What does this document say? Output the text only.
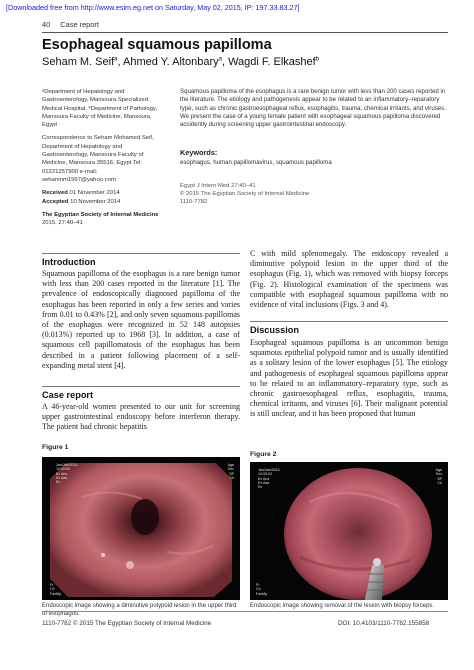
[Downloaded free from http://www.esim.eg.net on Saturday, May 02, 2015, IP: 197.33.83.27]
40 Case report
Esophageal squamous papilloma
Seham M. Seif$^a$, Ahmed Y. Altonbary$^a$, Wagdi F. Elkashef$^b$

ᵃDepartment of Hepatology and Gastroenterology, Mansoura Specialized Medical Hospital, ᵇDepartment of Pathology, Mansoura Faculty of Medicine, Mansoura, Egypt

Correspondence to Seham Mohamed Seif, Department of Hepatology and Gastroenterology, Mansoura Faculty of Medicine, Mansoura 35516, Egypt Tel: 01221257900 e-mail: sehamnm1997@yahoo.com

Received 01 November 2014
Accepted 10 November 2014

The Egyptian Society of Internal Medicine
2015, 27:40–41

Squamous papilloma of the esophagus is a rare benign tumor with less than 200 cases reported in the literature. The etiology and pathogenesis appear to be related to an inflammatory–reparatory type, such as chronic gastroesophageal reflux, esophagitis, trauma, chemical irritants, and viruses. We present the case of a young female patient with esophageal squamous papilloma discovered accidently during screening upper gastrointestinal endoscopy.
Keywords:
esophagus, human papillomavirus, squamous papilloma
Egypt J Intern Med 27:40–41
© 2015 The Egyptian Society of Internal Medicine
1110-7782
Introduction
Squamous papilloma of the esophagus is a rare benign tumor with less than 200 cases reported in the literature [1]. The prevalence of endoscopically diagnosed papilloma of the esophagus has been reported in only a few series and varies from 0.01 to 0.43% [2], and only seven squamous papillomas of the esophagus were recognized in 52 148 autopsies (0.013%) reported up to 1968 [3]. In addition, a case of squamous cell papillomatosis of the esophagus has been described in a patient following placement of a self-expanding metal stent [4].
Case report
A 46-year-old women presented to our unit for screening upper gastrointestinal endoscopy before interferon therapy. The patient had chronic hepatitis
C with mild splenomegaly. The endoscopy revealed a diminutive polypoid lesion in the upper third of the esophagus (Fig. 1), which was removed with biopsy forceps (Fig. 2). Histological examination of the specimens was compatible with esophageal squamous papilloma with no evidence of viral inclusions (Figs. 3 and 4).
Discussion
Esophageal squamous papilloma is an uncommon benign squamous epithelial polypoid tumor and is usually identified as a solitary lesion of the lower esophagus [5]. The etiology and pathogenesis of esophageal squamous papilloma appear to be related to an inflammatory–reparatory type, such as chronic gastroesophageal reflux, esophagitis, trauma, chemical irritants, and viruses [6]. Their malignant potential is still unclear, and it has been proposed that human
Figure 1
Jan/Jan/2014
12:00:00
Ex Ans
Ex Aas
Ex
Age
Sex
SP
Ch
Fr
Ch
FacMp
Endoscopic image showing a diminutive polypoid lesion in the upper third of esophagus.
Figure 2
Jan/Jan/2014
12:00:00
Ex Ans
Ex Aas
Ex
Age
Sex
SP
Ch
Fr
Ch
FacMp
Endoscopic image showing removal of the lesion with biopsy forceps.
1110-7782 © 2015 The Egyptian Society of Internal Medicine	DOI: 10.4103/1110-7782.155858
